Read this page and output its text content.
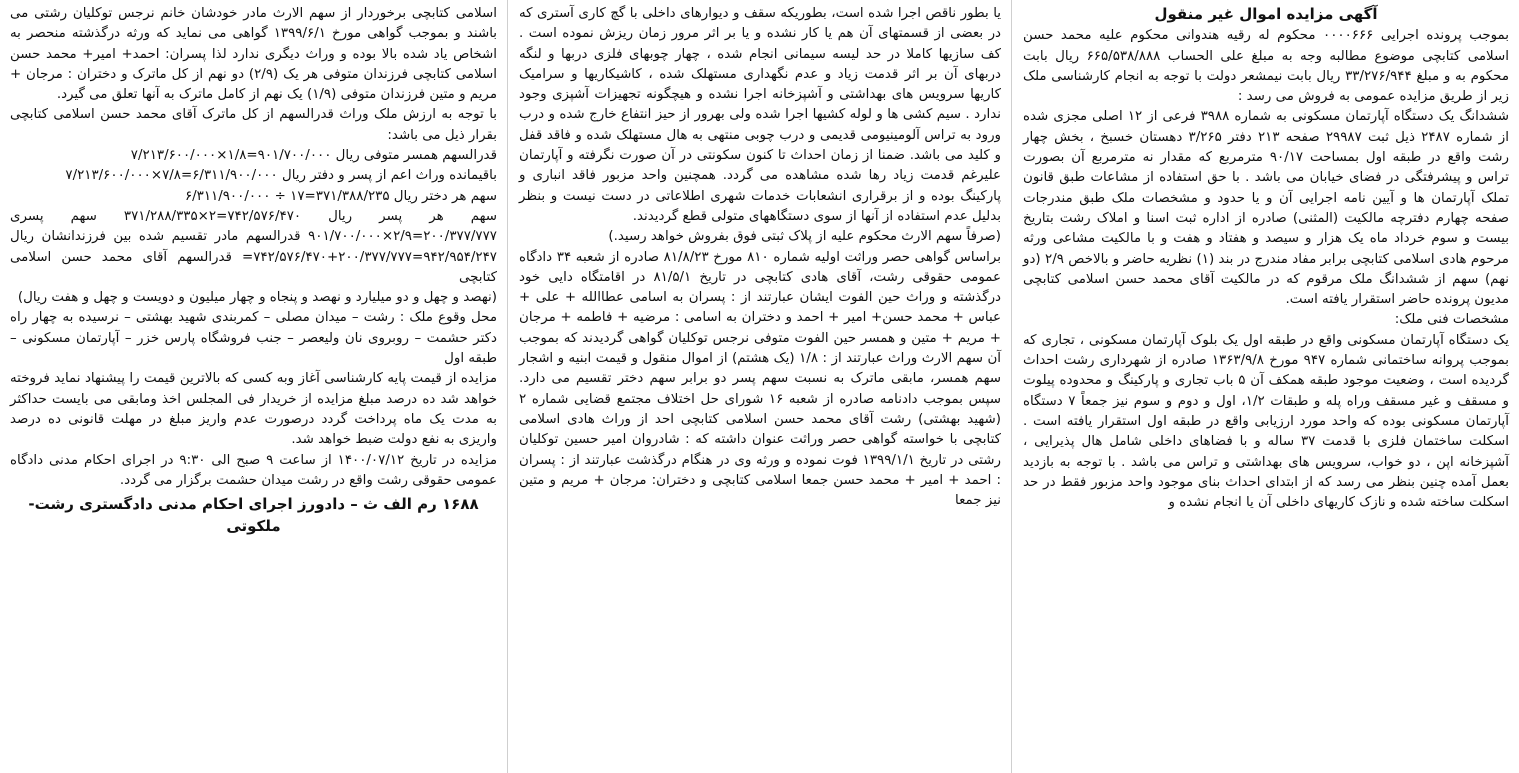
آگهی مزایده اموال غیر منقول

بموجب پرونده اجرایی ۰۰۰۰۶۶۶ محکوم له رقیه هندوانی محکوم علیه محمد حسن اسلامی کتابچی موضوع مطالبه وجه به مبلغ علی الحساب ۶۶۵/۵۳۸/۸۸۸ ریال بابت محکوم به و مبلغ ۳۳/۲۷۶/۹۴۴ ریال بابت نیمشعر دولت با توجه به انجام کارشناسی ملک زیر از طریق مزایده عمومی به فروش می رسد :

ششدانگ یک دستگاه آپارتمان مسکونی به شماره ۳۹۸۸ فرعی از ۱۲ اصلی مجزی شده از شماره ۲۴۸۷ ذیل ثبت ۲۹۹۸۷ صفحه ۲۱۳ دفتر ۳/۲۶۵ دهستان خسبخ ، بخش چهار رشت واقع در طبقه اول بمساحت ۹۰/۱۷ مترمربع که مقدار نه مترمربع آن بصورت تراس و پیشرفتگی در فضای خیابان می باشد . با حق استفاده از مشاعات طبق قانون تملک آپارتمان ها و آیین نامه اجرایی آن و یا حدود و مشخصات ملک طبق مندرجات صفحه چهارم دفترچه مالکیت (المثنی) صادره از اداره ثبت اسنا و املاک رشت بتاریخ بیست و سوم خرداد ماه یک هزار و سیصد و هفتاد و هفت و با مالکیت مشاعی ورثه مرحوم هادی اسلامی کتابچی برابر مفاد مندرج در بند (۱) نظریه حاضر و بالاخص ۲/۹ (دو نهم) سهم از ششدانگ ملک مرقوم که در مالکیت آقای محمد حسن اسلامی کتابچی مدیون پرونده حاضر استقرار یافته است.

مشخصات فنی ملک:

یک دستگاه آپارتمان مسکونی واقع در طبقه اول یک بلوک آپارتمان مسکونی ، تجاری که بموجب پروانه ساختمانی شماره ۹۴۷ مورخ ۱۳۶۳/۹/۸ صادره از شهرداری رشت احداث گردیده است ، وضعیت موجود طبقه همکف آن ۵ باب تجاری و پارکینگ و محدوده پیلوت و مسقف و غیر مسقف وراه پله و طبقات ۱/۲، اول و دوم و سوم نیز جمعاً ۷ دستگاه آپارتمان مسکونی بوده که واحد مورد ارزیابی واقع در طبقه اول استقرار یافته است . اسکلت ساختمان فلزی با قدمت ۳۷ ساله و با فضاهای داخلی شامل هال پذیرایی ، آشپزخانه اپن ، دو خواب، سرویس های بهداشتی و تراس می باشد . با توجه به بازدید بعمل آمده چنین بنظر می رسد که از ابتدای احداث بنای موجود واحد مزبور فقط در حد اسکلت ساخته شده و نازک کاریهای داخلی آن یا انجام نشده و

یا بطور ناقص اجرا شده است، بطوریکه سقف و دیوارهای داخلی با گچ کاری آستری که در بعضی از قسمتهای آن هم یا کار نشده و یا بر اثر مرور زمان ریزش نموده است . کف سازیها کاملا در حد لیسه سیمانی انجام شده ، چهار چوبهای فلزی دربها و لنگه دربهای آن بر اثر قدمت زیاد و عدم نگهداری مستهلک شده ، کاشیکاریها و سرامیک کاریها سرویس های بهداشتی و آشپزخانه اجرا نشده و هیچگونه تجهیزات آشپزی وجود ندارد . سیم کشی ها و لوله کشیها اجرا شده ولی بهرور از حیز انتفاع خارج شده و درب ورود به تراس آلومینیومی قدیمی و درب چوبی منتهی به هال مستهلک شده و فاقد قفل و کلید می باشد. ضمنا از زمان احداث تا کنون سکونتی در آن صورت نگرفته و آپارتمان علیرغم قدمت زیاد رها شده مشاهده می گردد. همچنین واحد مزبور فاقد انباری و پارکینگ بوده و از برقراری انشعابات خدمات شهری اطلاعاتی در دست نیست و بنظر بدلیل عدم استفاده از آنها از سوی دستگاههای متولی قطع گردیدند.

(صرفاً سهم الارث محکوم علیه از پلاک ثبتی فوق بفروش خواهد رسید.)

براساس گواهی حصر وراثت اولیه شماره ۸۱۰ مورخ ۸۱/۸/۲۳ صادره از شعبه ۳۴ دادگاه عمومی حقوقی رشت، آقای هادی کتابچی در تاریخ ۸۱/۵/۱ در اقامتگاه دایی خود درگذشته و وراث حین الفوت ایشان عبارتند از : پسران به اسامی عطاالله + علی + عباس + محمد حسن+ امیر + احمد و دختران به اسامی : مرضیه + فاطمه + مرجان + مریم + متین و همسر حین الفوت متوفی نرجس توکلیان گواهی گردیدند که بموجب آن سهم الارث وراث عبارتند از : ۱/۸ (یک هشتم) از اموال منقول و قیمت ابنیه و اشجار سهم همسر، مابقی ماترک به نسبت سهم پسر دو برابر سهم دختر تقسیم می دارد. سپس بموجب دادنامه صادره از شعبه ۱۶ شورای حل اختلاف مجتمع قضایی شماره ۲ (شهید بهشتی) رشت آقای محمد حسن اسلامی کتابچی احد از وراث هادی اسلامی کتابچی با خواسته گواهی حصر وراثت عنوان داشته که : شادروان امیر حسین توکلیان رشتی در تاریخ ۱۳۹۹/۱/۱ فوت نموده و ورثه وی در هنگام درگذشت عبارتند از : پسران : احمد + امیر + محمد حسن جمعا اسلامی کتابچی و دختران: مرجان + مریم و متین نیز جمعا

اسلامی کتابچی برخوردار از سهم الارث مادر خودشان خانم نرجس توکلیان رشتی می باشند و بموجب گواهی مورخ ۱۳۹۹/۶/۱ گواهی می نماید که ورثه درگذشته منحصر به اشخاص یاد شده بالا بوده و وراث دیگری ندارد لذا پسران: احمد+ امیر+ محمد حسن اسلامی کتابچی فرزندان متوفی هر یک (۲/۹) دو نهم از کل ماترک و دختران : مرجان + مریم و متین فرزندان متوفی (۱/۹) یک نهم از کامل ماترک به آنها تعلق می گیرد.

با توجه به ارزش ملک وراث قدرالسهم از کل ماترک آقای محمد حسن اسلامی کتابچی بقرار ذیل می باشد:

قدرالسهم همسر متوفی ریال ۹۰۱/۷۰۰/۰۰۰=۱/۸×۷/۲۱۳/۶۰۰/۰۰۰

باقیمانده وراث اعم از پسر و دفتر ریال ۶/۳۱۱/۹۰۰/۰۰۰=۷/۸×۷/۲۱۳/۶۰۰/۰۰۰

سهم هر دختر ریال ۳۷۱/۳۸۸/۲۳۵=۱۷ ÷ ۶/۳۱۱/۹۰۰/۰۰۰

سهم هر پسر ریال ۷۴۲/۵۷۶/۴۷۰=۲×۳۷۱/۲۸۸/۳۳۵ سهم پسری ۲۰۰/۳۷۷/۷۷۷=۲/۹×۹۰۱/۷۰۰/۰۰۰ قدرالسهم مادر تقسیم شده بین فرزندانشان ریال ۹۴۲/۹۵۴/۲۴۷=۲۰۰/۳۷۷/۷۷۷+۷۴۲/۵۷۶/۴۷۰= قدرالسهم آقای محمد حسن اسلامی کتابچی

(نهصد و چهل و دو میلیارد و نهصد و پنجاه و چهار میلیون و دویست و چهل و هفت ریال)

محل وقوع ملک : رشت – میدان مصلی – کمربندی شهید بهشتی – نرسیده به چهار راه دکتر حشمت – روبروی نان ولیعصر – جنب فروشگاه پارس خزر – آپارتمان مسکونی – طبقه اول

مزایده از قیمت پایه کارشناسی آغاز وبه کسی که بالاترین قیمت را پیشنهاد نماید فروخته خواهد شد ده درصد مبلغ مزایده از خریدار فی المجلس اخذ ومابقی می بایست حداکثر به مدت یک ماه پرداخت گردد درصورت عدم واریز مبلغ در مهلت قانونی ده درصد واریزی به نفع دولت ضبط خواهد شد.

مزایده در تاریخ ۱۴۰۰/۰۷/۱۲ از ساعت ۹ صبح الی ۹:۳۰ در اجرای احکام مدنی دادگاه عمومی حقوقی رشت واقع در رشت میدان حشمت برگزار می گردد.

۱۶۸۸ رم الف ث – دادورز اجرای احکام مدنی دادگستری رشت- ملکوتی
